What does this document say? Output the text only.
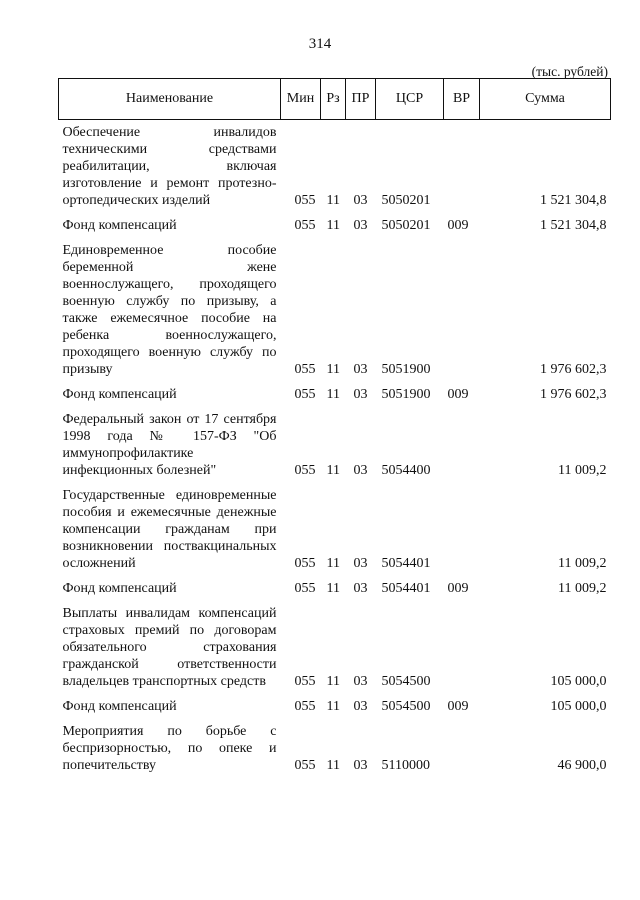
314
(тыс. рублей)
Наименование	Мин	Рз	ПР	ЦСР	ВР	Сумма
Обеспечение инвалидов техническими средствами реабилитации, включая изготовление и ремонт протезно-ортопедических изделий	055	11	03	5050201		1 521 304,8
Фонд компенсаций	055	11	03	5050201	009	1 521 304,8
Единовременное пособие беременной жене военнослужащего, проходящего военную службу по призыву, а также ежемесячное пособие на ребенка военнослужащего, проходящего военную службу по призыву	055	11	03	5051900		1 976 602,3
Фонд компенсаций	055	11	03	5051900	009	1 976 602,3
Федеральный закон от 17 сентября 1998 года № 157-ФЗ "Об иммунопрофилактике инфекционных болезней"	055	11	03	5054400		11 009,2
Государственные единовременные пособия и ежемесячные денежные компенсации гражданам при возникновении поствакцинальных осложнений	055	11	03	5054401		11 009,2
Фонд компенсаций	055	11	03	5054401	009	11 009,2
Выплаты инвалидам компенсаций страховых премий по договорам обязательного страхования гражданской ответственности владельцев транспортных средств	055	11	03	5054500		105 000,0
Фонд компенсаций	055	11	03	5054500	009	105 000,0
Мероприятия по борьбе с беспризорностью, по опеке и попечительству	055	11	03	5110000		46 900,0
